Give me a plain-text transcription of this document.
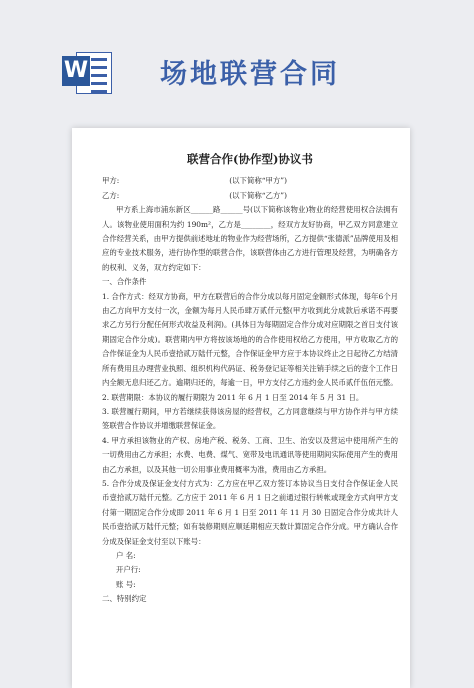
W	场地联营合同
联营合作(协作型)协议书
甲方:	(以下简称“甲方”)
乙方:	(以下简称“乙方”)

甲方系上海市浦东新区______路______号(以下简称该物业)物业的经营使用权合法拥有人。该物业使用面积为约 190m²，乙方是________，经双方友好协商，甲乙双方同意建立合作经营关系，由甲方提供前述地址的物业作为经营场所，乙方提供“张德派”品牌使用及相应的专业技术服务，进行协作型的联营合作，该联营体由乙方进行管理及经营，为明确各方的权利、义务，双方约定如下：

一、合作条件

1. 合作方式：经双方协商，甲方在联营后的合作分成以每月固定金额形式体现，每年6个月由乙方向甲方支付一次，金额为每月人民币肆万贰仟元整(甲方收到此分成款后承诺不再要求乙方另行分配任何形式收益及利润)。(具体日为每期固定合作分成对应期限之首日支付该期固定合作分成)。联营期内甲方将按该场地的的合作使用权给乙方使用，甲方收取乙方的合作保证金为人民币壹拾贰万陆仟元整，合作保证金甲方应于本协议终止之日起待乙方结清所有费用且办理营业执照、组织机构代码证、税务登记证等相关注销手续之后的壹个工作日内全额无息归还乙方。逾期归还的，每逾一日，甲方支付乙方违约金人民币贰仟伍佰元整。

2. 联营期限：本协议的履行期限为 2011 年 6 月 1 日至 2014 年 5 月 31 日。

3. 联营履行期间，甲方若继续获得该房屋的经营权，乙方同意继续与甲方协作并与甲方续签联营合作协议并增缴联营保证金。

4. 甲方承担该物业的产权、房地产税、税务、工商、卫生、治安以及营运中使用所产生的一切费用由乙方承担；水费、电费、煤气、宽带及电讯通讯等使用期间实际使用产生的费用由乙方承担，以及其他一切公用事业费用概率为准，费用由乙方承担。

5. 合作分成及保证金支付方式为：乙方应在甲乙双方签订本协议当日支付合作保证金人民币壹拾贰万陆仟元整。乙方应于 2011 年 6 月 1 日之前通过银行转帐或现金方式向甲方支付第一期固定合作分成即 2011 年 6 月 1 日至 2011 年 11 月 30 日固定合作分成共计人民币壹拾贰万陆仟元整；如有装修期则应顺延期相应天数计算固定合作分成。甲方确认合作分成及保证金支付至以下账号：

户 名:

开户行:

账 号:

二、特别约定
